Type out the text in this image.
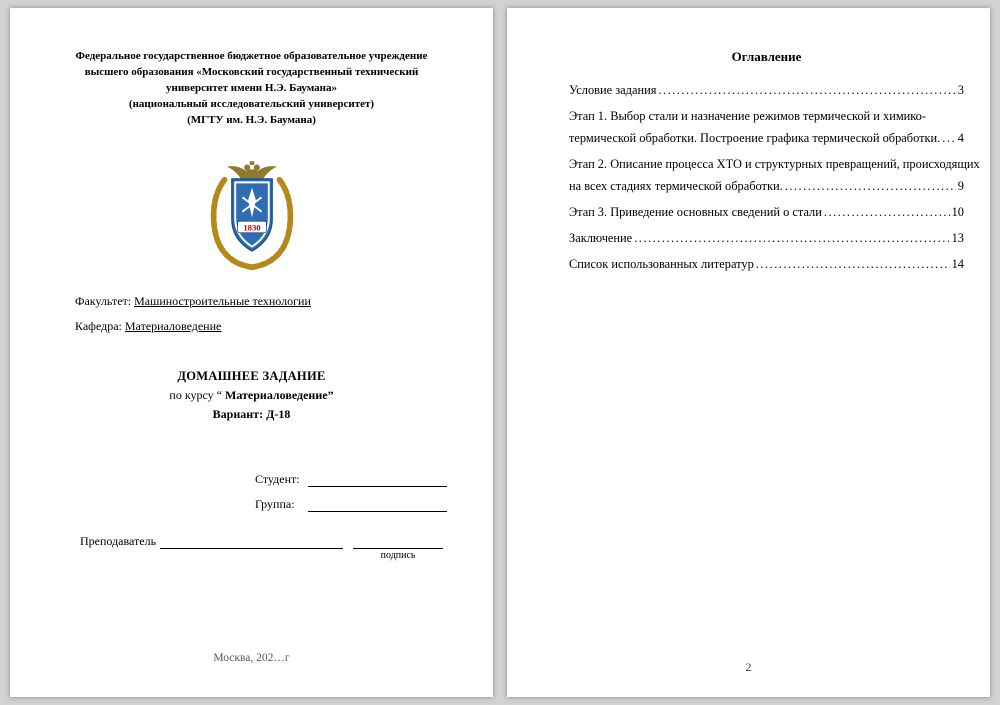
Федеральное государственное бюджетное образовательное учреждение
высшего образования «Московский государственный технический
университет имени Н.Э. Баумана»
(национальный исследовательский университет)
(МГТУ им. Н.Э. Баумана)
1830
Факультет: Машиностроительные технологии
Кафедра: Материаловедение
ДОМАШНЕЕ ЗАДАНИЕ
по курсу “ Материаловедение”
Вариант: Д-18
Студент:
Группа:
Преподаватель
подпись
Москва, 202…г
Оглавление
Условие задания .....	3
Этап 1. Выбор стали и назначение режимов термической и химико-
термической обработки. Построение графика термической обработки. ..... 4
Этап 2. Описание процесса ХТО и структурных превращений, происходящих
на всех стадиях термической обработки. .....	9
Этап 3. Приведение основных сведений о стали .....	10
Заключение .....	13
Список использованных литератур .....	14
2
